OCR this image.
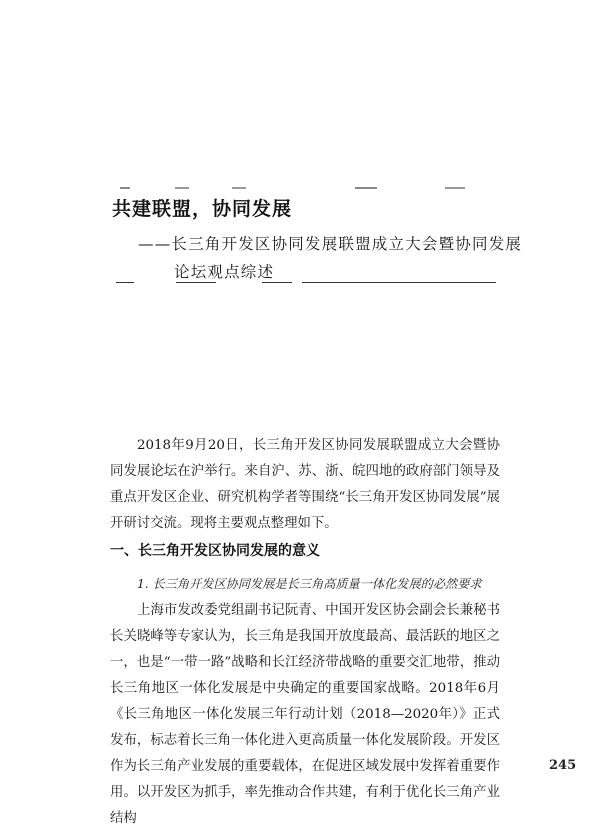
共建联盟，协同发展
——长三角开发区协同发展联盟成立大会暨协同发展
论坛观点综述
2018年9月20日，长三角开发区协同发展联盟成立大会暨协同发展论坛在沪举行。来自沪、苏、浙、皖四地的政府部门领导及重点开发区企业、研究机构学者等围绕“长三角开发区协同发展”展开研讨交流。现将主要观点整理如下。
一、长三角开发区协同发展的意义
1. 长三角开发区协同发展是长三角高质量一体化发展的必然要求
上海市发改委党组副书记阮青、中国开发区协会副会长兼秘书长关晓峰等专家认为，长三角是我国开放度最高、最活跃的地区之一，也是“一带一路”战略和长江经济带战略的重要交汇地带，推动长三角地区一体化发展是中央确定的重要国家战略。2018年6月《长三角地区一体化发展三年行动计划（2018—2020年）》正式发布，标志着长三角一体化进入更高质量一体化发展阶段。开发区作为长三角产业发展的重要载体，在促进区域发展中发挥着重要作用。以开发区为抓手，率先推动合作共建，有利于优化长三角产业结构
245
